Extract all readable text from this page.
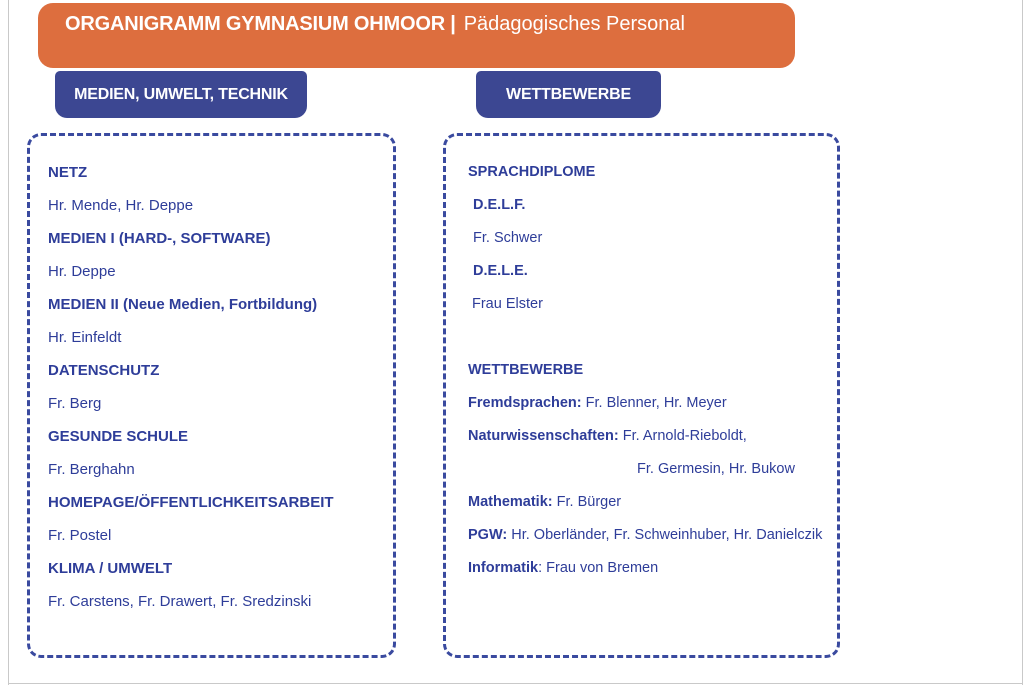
ORGANIGRAMM GYMNASIUM OHMOOR | Pädagogisches Personal
MEDIEN, UMWELT, TECHNIK	WETTBEWERBE
NETZ
Hr. Mende, Hr. Deppe
MEDIEN I (HARD-, SOFTWARE)
Hr. Deppe
MEDIEN II (Neue Medien, Fortbildung)
Hr. Einfeldt
DATENSCHUTZ
Fr. Berg
GESUNDE SCHULE
Fr. Berghahn
HOMEPAGE/ÖFFENTLICHKEITSARBEIT
Fr. Postel
KLIMA / UMWELT
Fr. Carstens, Fr. Drawert, Fr. Sredzinski
SPRACHDIPLOME
D.E.L.F.
Fr. Schwer
D.E.L.E.
Frau Elster
WETTBEWERBE
Fremdsprachen: Fr. Blenner, Hr. Meyer
Naturwissenschaften: Fr. Arnold-Rieboldt,
Fr. Germesin, Hr. Bukow
Mathematik: Fr. Bürger
PGW: Hr. Oberländer, Fr. Schweinhuber, Hr. Danielczik
Informatik: Frau von Bremen
